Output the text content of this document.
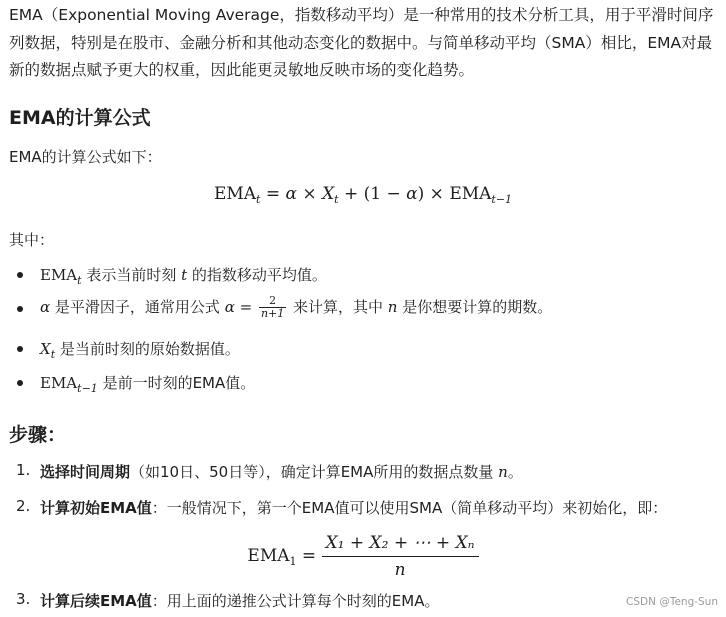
EMA（Exponential Moving Average，指数移动平均）是一种常用的技术分析工具，用于平滑时间序列数据，特别是在股市、金融分析和其他动态变化的数据中。与简单移动平均（SMA）相比，EMA对最新的数据点赋予更大的权重，因此能更灵敏地反映市场的变化趋势。

EMA的计算公式

EMA的计算公式如下：

$EMA_t = \alpha \times X_t + (1 - \alpha) \times EMA_{t-1}$

其中：

$EMA_t$ 表示当前时刻 t 的指数移动平均值。
α 是平滑因子，通常用公式 $\alpha = \frac{2}{n+1}$ 来计算，其中 n 是你想要计算的期数。
$X_t$ 是当前时刻的原始数据值。
$EMA_{t-1}$ 是前一时刻的EMA值。
步骤：
1. 选择时间周期（如10日、50日等），确定计算EMA所用的数据点数量 n。
2. 计算初始EMA值：一般情况下，第一个EMA值可以使用SMA（简单移动平均）来初始化，即：
3. 计算后续EMA值：用上面的递推公式计算每个时刻的EMA。
$EMA_1 = \frac{\text{X₁ + X₂ + ⋯ + Xₙ}}{n}$
CSDN @Teng-Sun
